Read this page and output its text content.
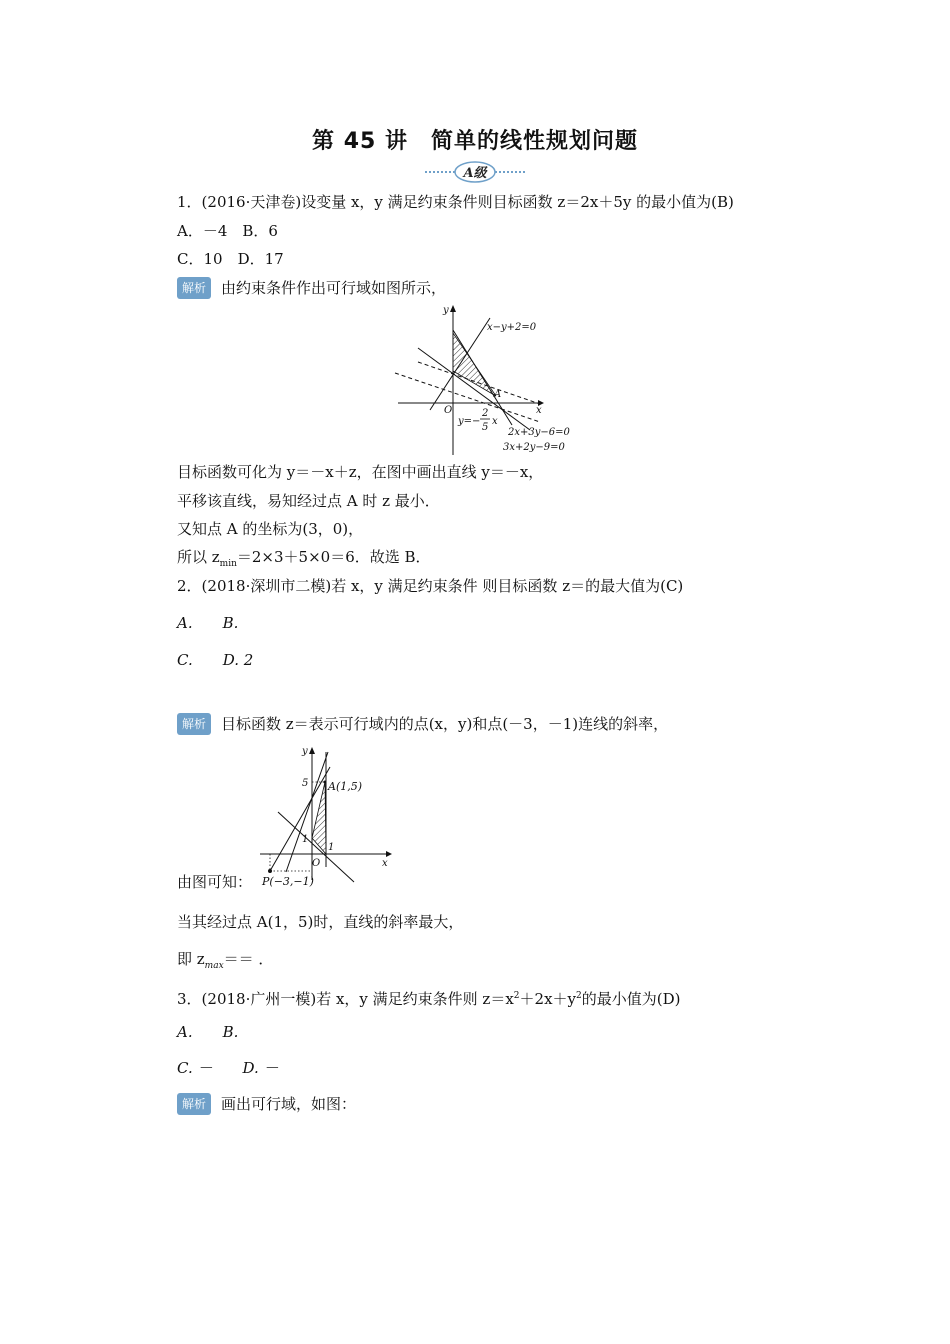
第 45 讲　简单的线性规划问题
A级
1．(2016·天津卷)设变量 x，y 满足约束条件则目标函数 z＝2x＋5y 的最小值为(B)
A．－4　B．6
C．10　D．17
解析 由约束条件作出可行域如图所示，
x−y+2=0
2x+3y−6=0
3x+2y−9=0
y=−
2
5
x
A
O	x
y
目标函数可化为 y＝－x＋z，在图中画出直线 y＝－x，
平移该直线，易知经过点 A 时 z 最小．
又知点 A 的坐标为(3，0)，
所以 $z_{min}=2\times 3+5\times 0=6$．故选 B．
2．(2018·深圳市二模)若 x，y 满足约束条件 则目标函数 z＝的最大值为(C)
A.　　B.
C.　　D. 2
解析 目标函数 z＝表示可行域内的点(x，y)和点(－3，－1)连线的斜率，
A(1,5)
P(−3,−1)
5
1
1
O	x
y
由图可知：
当其经过点 A(1，5)时，直线的斜率最大，
即 $z_{max}==$ ．
3．(2018·广州一模)若 x，y 满足约束条件则 $z=x^2+2x+y^2$的最小值为(D)
A.　　B.
C. －　　D. －
解析 画出可行域，如图：
